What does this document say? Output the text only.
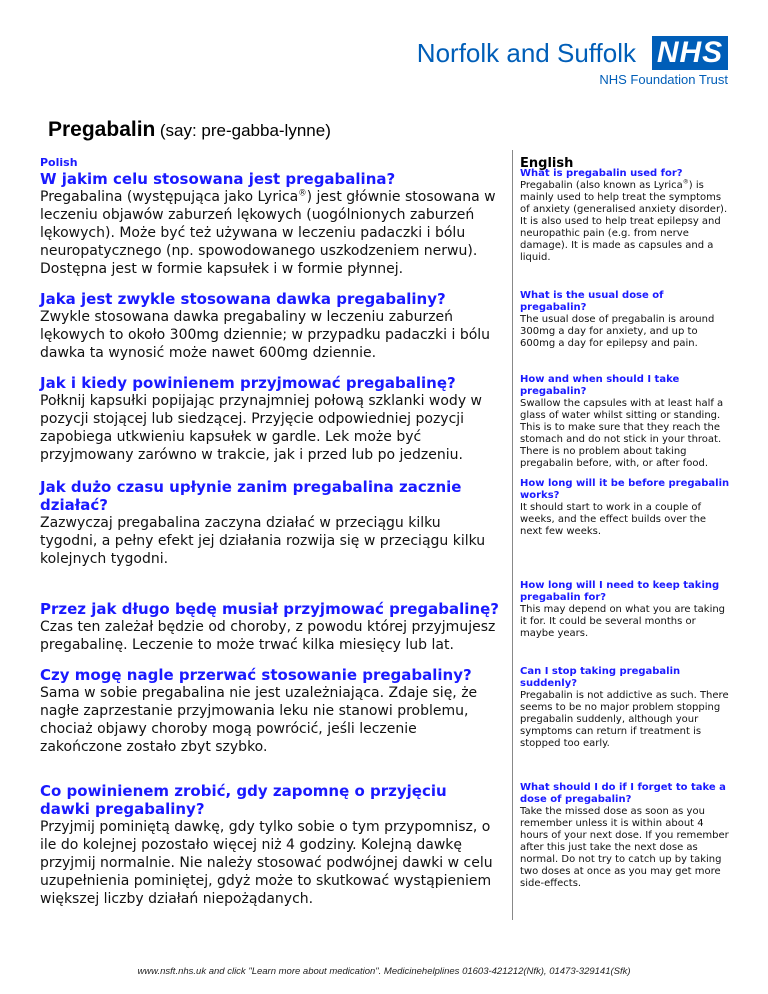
Norfolk and Suffolk NHS
NHS Foundation Trust
Pregabalin (say: pre-gabba-lynne)
Polish
W jakim celu stosowana jest pregabalina?
Pregabalina (występująca jako Lyrica®) jest głównie stosowana w leczeniu objawów zaburzeń lękowych (uogólnionych zaburzeń lękowych). Może być też używana w leczeniu padaczki i bólu neuropatycznego (np. spowodowanego uszkodzeniem nerwu). Dostępna jest w formie kapsułek i w formie płynnej.
Jaka jest zwykle stosowana dawka pregabaliny?
Zwykle stosowana dawka pregabaliny w leczeniu zaburzeń lękowych to około 300mg dziennie; w przypadku padaczki i bólu dawka ta wynosić może nawet 600mg dziennie.
Jak i kiedy powinienem przyjmować pregabalinę?
Połknij kapsułki popijając przynajmniej połową szklanki wody w pozycji stojącej lub siedzącej. Przyjęcie odpowiedniej pozycji zapobiega utkwieniu kapsułek w gardle. Lek może być przyjmowany zarówno w trakcie, jak i przed lub po jedzeniu.
Jak dużo czasu upłynie zanim pregabalina zacznie działać?
Zazwyczaj pregabalina zaczyna działać w przeciągu kilku tygodni, a pełny efekt jej działania rozwija się w przeciągu kilku kolejnych tygodni.
Przez jak długo będę musiał przyjmować pregabalinę?
Czas ten zależał będzie od choroby, z powodu której przyjmujesz pregabalinę. Leczenie to może trwać kilka miesięcy lub lat.
Czy mogę nagle przerwać stosowanie pregabaliny?
Sama w sobie pregabalina nie jest uzależniająca. Zdaje się, że nagłe zaprzestanie przyjmowania leku nie stanowi problemu, chociaż objawy choroby mogą powrócić, jeśli leczenie zakończone zostało zbyt szybko.
Co powinienem zrobić, gdy zapomnę o przyjęciu dawki pregabaliny?
Przyjmij pominiętą dawkę, gdy tylko sobie o tym przypomnisz, o ile do kolejnej pozostało więcej niż 4 godziny. Kolejną dawkę przyjmij normalnie. Nie należy stosować podwójnej dawki w celu uzupełnienia pominiętej, gdyż może to skutkować wystąpieniem większej liczby działań niepożądanych.
English
What is pregabalin used for?
Pregabalin (also known as Lyrica®) is mainly used to help treat the symptoms of anxiety (generalised anxiety disorder). It is also used to help treat epilepsy and neuropathic pain (e.g. from nerve damage). It is made as capsules and a liquid.
What is the usual dose of pregabalin?
The usual dose of pregabalin is around 300mg a day for anxiety, and up to 600mg a day for epilepsy and pain.
How and when should I take pregabalin?
Swallow the capsules with at least half a glass of water whilst sitting or standing. This is to make sure that they reach the stomach and do not stick in your throat. There is no problem about taking pregabalin before, with, or after food.
How long will it be before pregabalin works?
It should start to work in a couple of weeks, and the effect builds over the next few weeks.
How long will I need to keep taking pregabalin for?
This may depend on what you are taking it for. It could be several months or maybe years.
Can I stop taking pregabalin suddenly?
Pregabalin is not addictive as such. There seems to be no major problem stopping pregabalin suddenly, although your symptoms can return if treatment is stopped too early.
What should I do if I forget to take a dose of pregabalin?
Take the missed dose as soon as you remember unless it is within about 4 hours of your next dose. If you remember after this just take the next dose as normal. Do not try to catch up by taking two doses at once as you may get more side-effects.
www.nsft.nhs.uk and click "Learn more about medication". Medicinehelplines 01603-421212(Nfk), 01473-329141(Sfk)
